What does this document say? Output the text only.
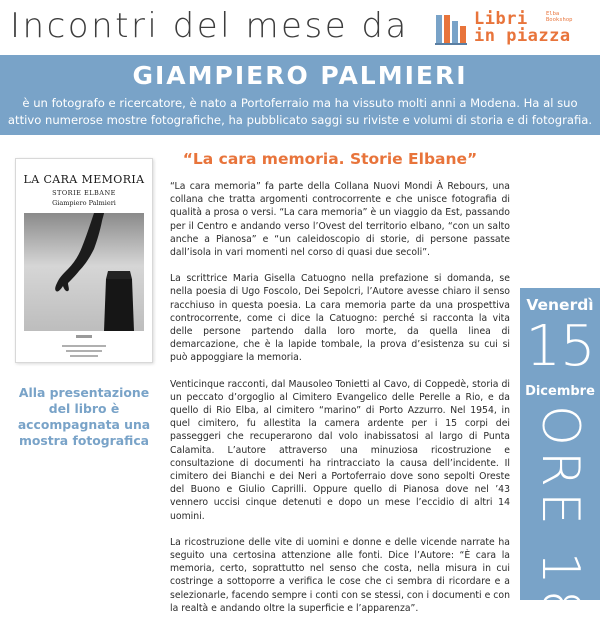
Incontri del mese da	Libri
in piazza
Elba Bookshop
GIAMPIERO PALMIERI
è un fotografo e ricercatore, è nato a Portoferraio ma ha vissuto molti anni a Modena. Ha al suo attivo numerose mostre fotografiche, ha pubblicato saggi su riviste e volumi di storia e di fotografia.
LA CARA MEMORIA
STORIE ELBANE
Giampiero Palmieri
Alla presentazione del libro è accompagnata una mostra fotografica
“La cara memoria. Storie Elbane”

“La cara memoria” fa parte della Collana Nuovi Mondi À Rebours, una collana che tratta argomenti controcorrente e che unisce fotografia di qualità a prosa o versi. “La cara memoria” è un viaggio da Est, passando per il Centro e andando verso l’Ovest del territorio elbano, “con un salto anche a Pianosa” e “un caleidoscopio di storie, di persone passate dall’isola in vari momenti nel corso di quasi due secoli”.

La scrittrice Maria Gisella Catuogno nella prefazione si domanda, se nella poesia di Ugo Foscolo, Dei Sepolcri, l’Autore avesse chiaro il senso racchiuso in questa poesia. La cara memoria parte da una prospettiva controcorrente, come ci dice la Catuogno: perché si racconta la vita delle persone partendo dalla loro morte, da quella linea di demarcazione, che è la lapide tombale, la prova d’esistenza su cui si può appoggiare la memoria.

Venticinque racconti, dal Mausoleo Tonietti al Cavo, di Coppedè, storia di un peccato d’orgoglio al Cimitero Evangelico delle Perelle a Rio, e da quello di Rio Elba, al cimitero “marino” di Porto Azzurro. Nel 1954, in quel cimitero, fu allestita la camera ardente per i 15 corpi dei passeggeri che recuperarono dal volo inabissatosi al largo di Punta Calamita. L’autore attraverso una minuziosa ricostruzione e consultazione di documenti ha rintracciato la causa dell’incidente. Il cimitero dei Bianchi e dei Neri a Portoferraio dove sono sepolti Oreste del Buono e Giulio Caprilli. Oppure quello di Pianosa dove nel ’43 vennero uccisi cinque detenuti e dopo un mese l’eccidio di altri 14 uomini.

La ricostruzione delle vite di uomini e donne e delle vicende narrate ha seguito una certosina attenzione alle fonti. Dice l’Autore: “È cara la memoria, certo, soprattutto nel senso che costa, nella misura in cui costringe a sottoporre a verifica le cose che ci sembra di ricordare e a selezionarle, facendo sempre i conti con se stessi, con i documenti e con la realtà e andando oltre la superficie e l’apparenza”.

Venerdì
15
Dicembre
ORE 18
